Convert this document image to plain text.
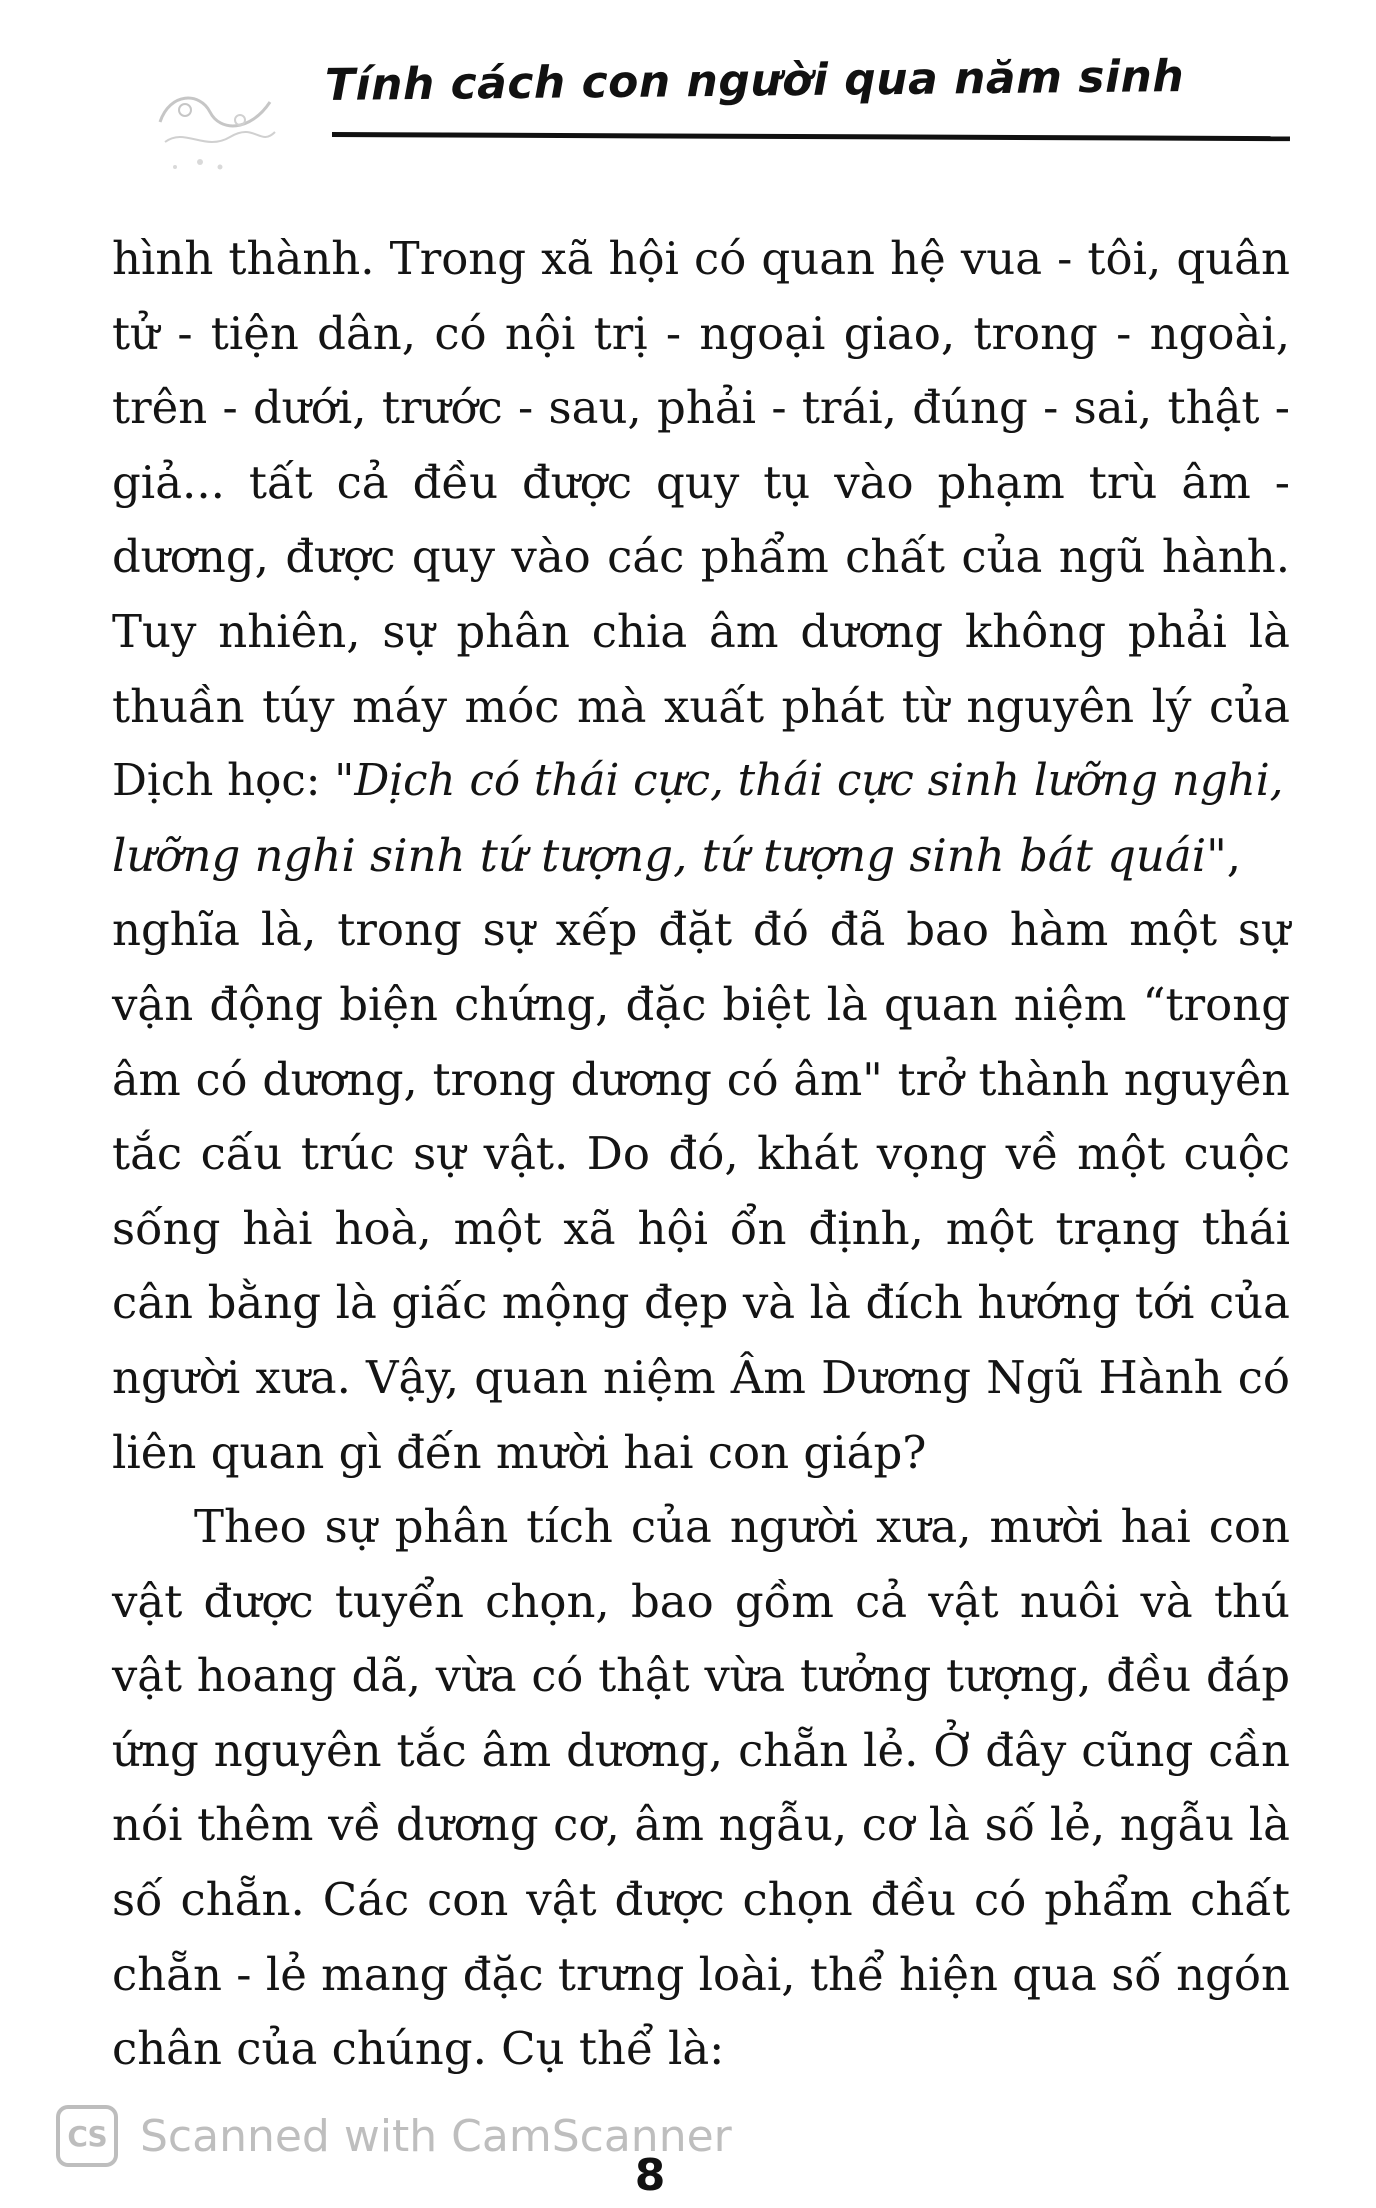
Tính cách con người qua năm sinh
hình thành. Trong xã hội có quan hệ vua - tôi, quân
tử - tiện dân, có nội trị - ngoại giao, trong - ngoài,
trên - dưới, trước - sau, phải - trái, đúng - sai, thật -
giả... tất cả đều được quy tụ vào phạm trù âm -
dương, được quy vào các phẩm chất của ngũ hành.
Tuy nhiên, sự phân chia âm dương không phải là
thuần túy máy móc mà xuất phát từ nguyên lý của
Dịch học: "Dịch có thái cực, thái cực sinh lưỡng nghi,
lưỡng nghi sinh tứ tượng, tứ tượng sinh bát quái",
nghĩa là, trong sự xếp đặt đó đã bao hàm một sự
vận động biện chứng, đặc biệt là quan niệm “trong
âm có dương, trong dương có âm" trở thành nguyên
tắc cấu trúc sự vật. Do đó, khát vọng về một cuộc
sống hài hoà, một xã hội ổn định, một trạng thái
cân bằng là giấc mộng đẹp và là đích hướng tới của
người xưa. Vậy, quan niệm Âm Dương Ngũ Hành có
liên quan gì đến mười hai con giáp?
Theo sự phân tích của người xưa, mười hai con
vật được tuyển chọn, bao gồm cả vật nuôi và thú
vật hoang dã, vừa có thật vừa tưởng tượng, đều đáp
ứng nguyên tắc âm dương, chẵn lẻ. Ở đây cũng cần
nói thêm về dương cơ, âm ngẫu, cơ là số lẻ, ngẫu là
số chẵn. Các con vật được chọn đều có phẩm chất
chẵn - lẻ mang đặc trưng loài, thể hiện qua số ngón
chân của chúng. Cụ thể là:
CS Scanned with CamScanner
8
